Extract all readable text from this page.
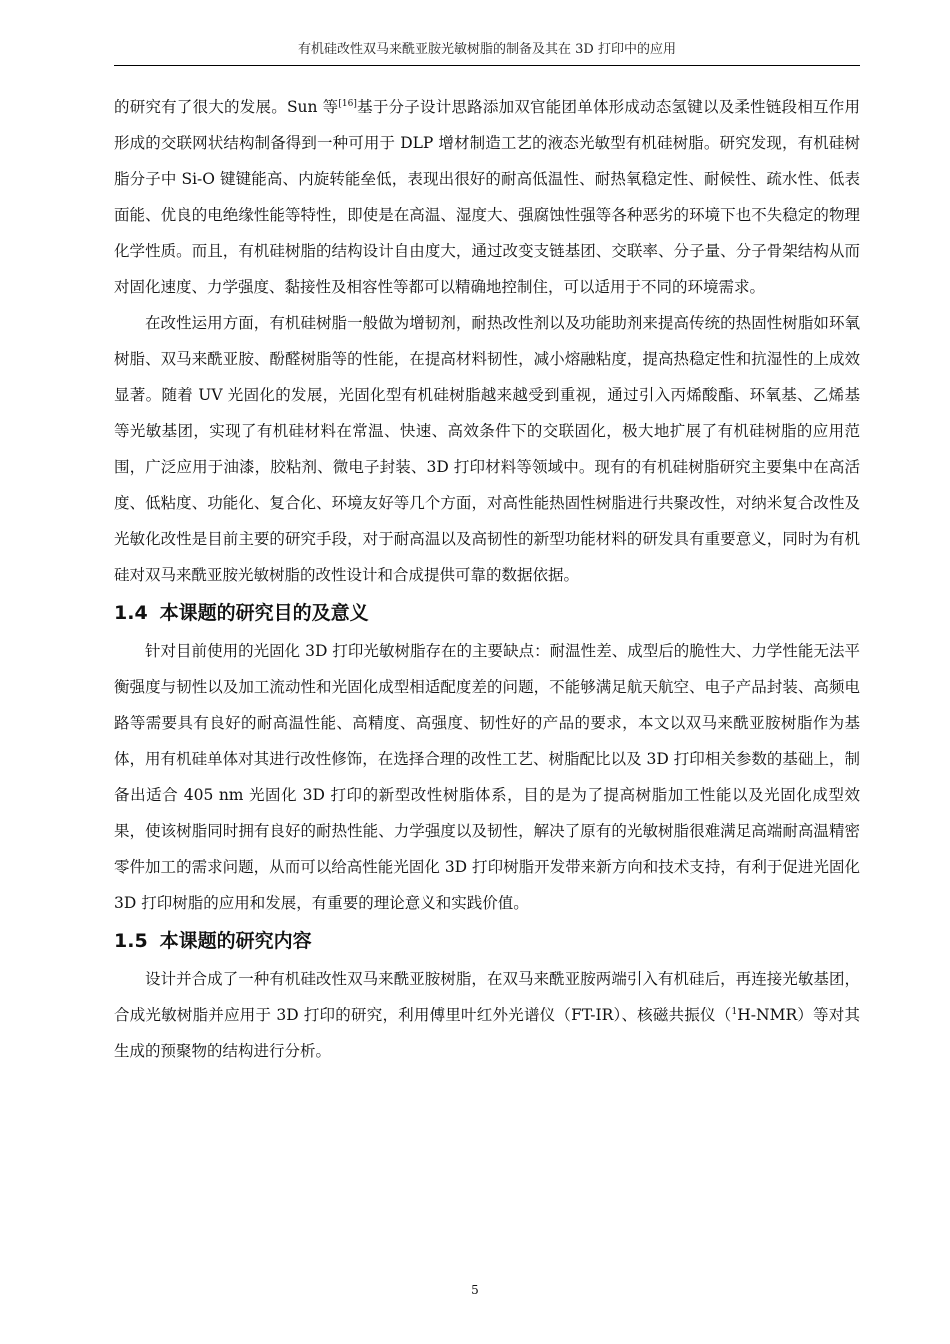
有机硅改性双马来酰亚胺光敏树脂的制备及其在 3D 打印中的应用

的研究有了很大的发展。Sun 等[16]基于分子设计思路添加双官能团单体形成动态氢键以及柔性链段相互作用形成的交联网状结构制备得到一种可用于 DLP 增材制造工艺的液态光敏型有机硅树脂。研究发现，有机硅树脂分子中 Si-O 键键能高、内旋转能垒低，表现出很好的耐高低温性、耐热氧稳定性、耐候性、疏水性、低表面能、优良的电绝缘性能等特性，即使是在高温、湿度大、强腐蚀性强等各种恶劣的环境下也不失稳定的物理化学性质。而且，有机硅树脂的结构设计自由度大，通过改变支链基团、交联率、分子量、分子骨架结构从而对固化速度、力学强度、黏接性及相容性等都可以精确地控制住，可以适用于不同的环境需求。

在改性运用方面，有机硅树脂一般做为增韧剂，耐热改性剂以及功能助剂来提高传统的热固性树脂如环氧树脂、双马来酰亚胺、酚醛树脂等的性能，在提高材料韧性，减小熔融粘度，提高热稳定性和抗湿性的上成效显著。随着 UV 光固化的发展，光固化型有机硅树脂越来越受到重视，通过引入丙烯酸酯、环氧基、乙烯基等光敏基团，实现了有机硅材料在常温、快速、高效条件下的交联固化，极大地扩展了有机硅树脂的应用范围，广泛应用于油漆，胶粘剂、微电子封装、3D 打印材料等领域中。现有的有机硅树脂研究主要集中在高活度、低粘度、功能化、复合化、环境友好等几个方面，对高性能热固性树脂进行共聚改性，对纳米复合改性及光敏化改性是目前主要的研究手段，对于耐高温以及高韧性的新型功能材料的研发具有重要意义，同时为有机硅对双马来酰亚胺光敏树脂的改性设计和合成提供可靠的数据依据。

1.4 本课题的研究目的及意义

针对目前使用的光固化 3D 打印光敏树脂存在的主要缺点：耐温性差、成型后的脆性大、力学性能无法平衡强度与韧性以及加工流动性和光固化成型相适配度差的问题，不能够满足航天航空、电子产品封装、高频电路等需要具有良好的耐高温性能、高精度、高强度、韧性好的产品的要求，本文以双马来酰亚胺树脂作为基体，用有机硅单体对其进行改性修饰，在选择合理的改性工艺、树脂配比以及 3D 打印相关参数的基础上，制备出适合 405 nm 光固化 3D 打印的新型改性树脂体系，目的是为了提高树脂加工性能以及光固化成型效果，使该树脂同时拥有良好的耐热性能、力学强度以及韧性，解决了原有的光敏树脂很难满足高端耐高温精密零件加工的需求问题，从而可以给高性能光固化 3D 打印树脂开发带来新方向和技术支持，有利于促进光固化 3D 打印树脂的应用和发展，有重要的理论意义和实践价值。

1.5 本课题的研究内容

设计并合成了一种有机硅改性双马来酰亚胺树脂，在双马来酰亚胺两端引入有机硅后，再连接光敏基团，合成光敏树脂并应用于 3D 打印的研究，利用傅里叶红外光谱仪（FT-IR）、核磁共振仪（$^1$H-NMR）等对其生成的预聚物的结构进行分析。

5
